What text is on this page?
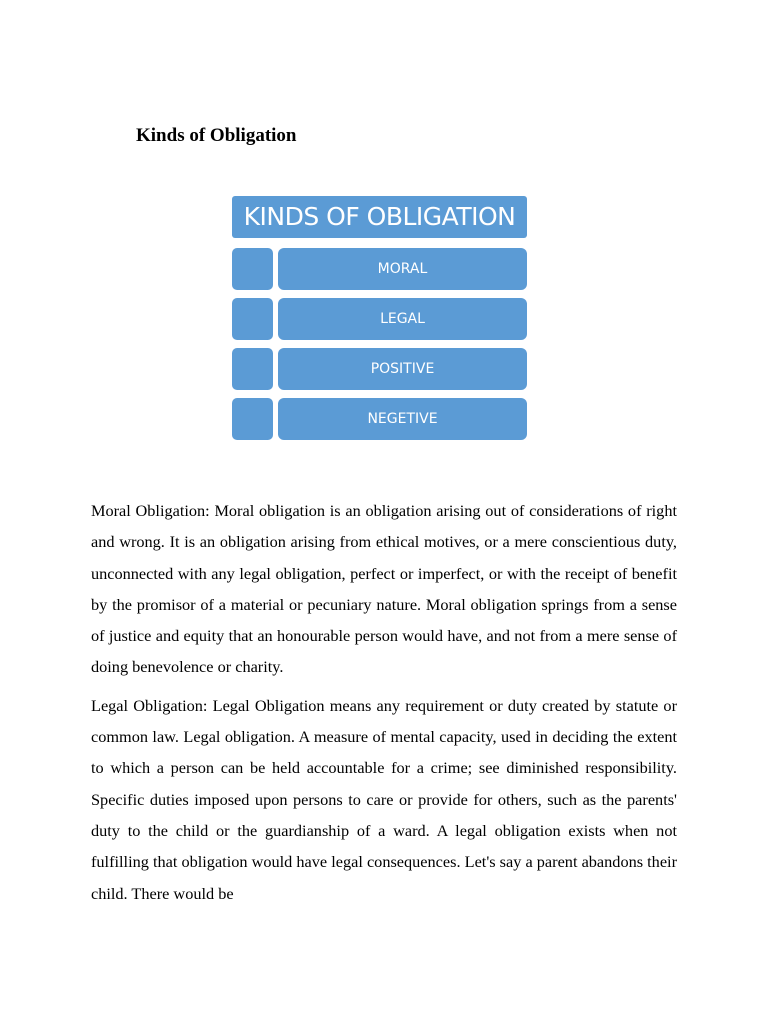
Kinds of Obligation
KINDS OF OBLIGATION
MORAL
LEGAL
POSITIVE
NEGETIVE

Moral Obligation: Moral obligation is an obligation arising out of considerations of right and wrong. It is an obligation arising from ethical motives, or a mere conscientious duty, unconnected with any legal obligation, perfect or imperfect, or with the receipt of benefit by the promisor of a material or pecuniary nature. Moral obligation springs from a sense of justice and equity that an honourable person would have, and not from a mere sense of doing benevolence or charity.

Legal Obligation: Legal Obligation means any requirement or duty created by statute or common law. Legal obligation. A measure of mental capacity, used in deciding the extent to which a person can be held accountable for a crime; see diminished responsibility. Specific duties imposed upon persons to care or provide for others, such as the parents' duty to the child or the guardianship of a ward. A legal obligation exists when not fulfilling that obligation would have legal consequences. Let's say a parent abandons their child. There would be
